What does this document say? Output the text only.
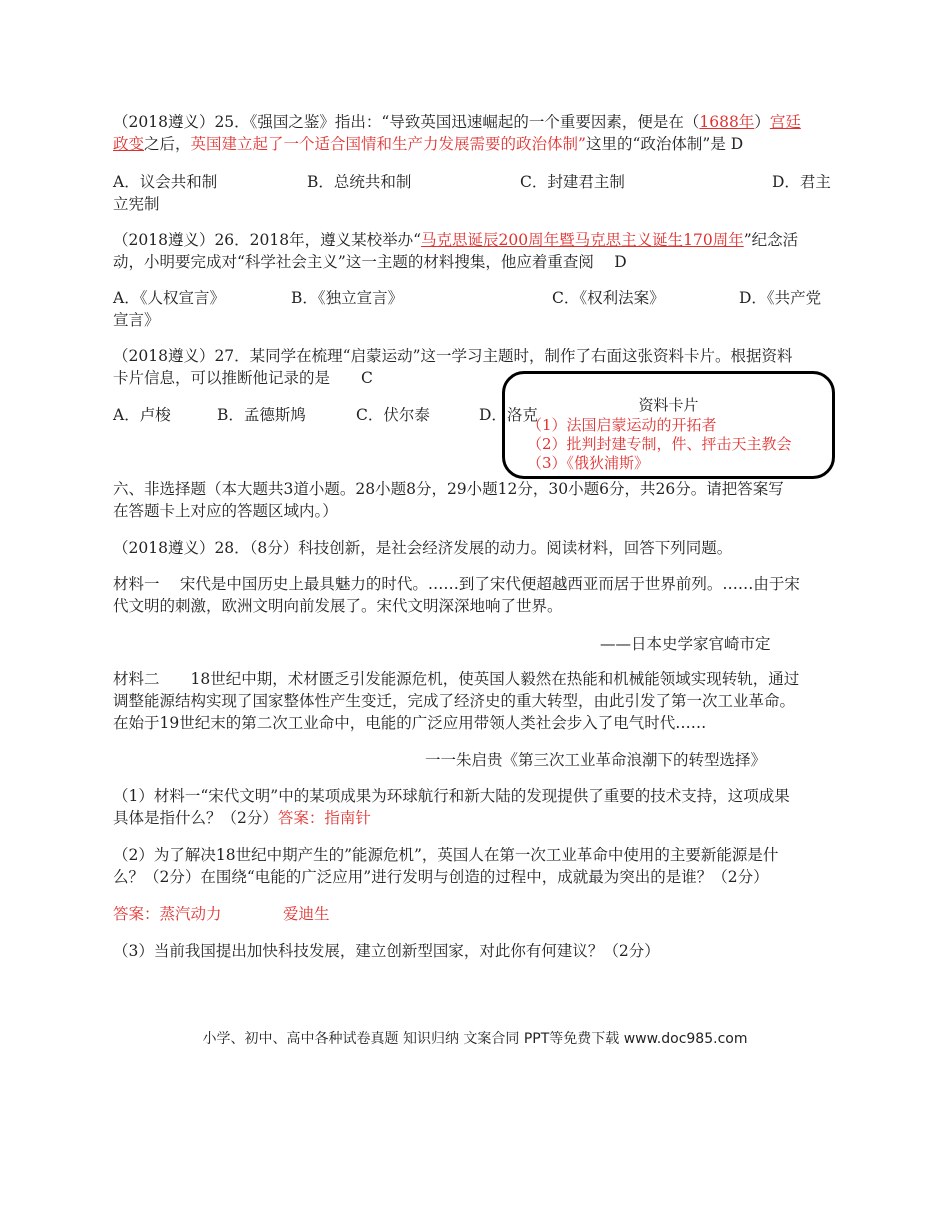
（2018遵义）25．《强国之鉴》指出：“导致英国迅速崛起的一个重要因素，便是在（1688年）宫廷
政变之后，英国建立起了一个适合国情和生产力发展需要的政治体制”这里的“政治体制”是 D
A．议会共和制	B．总统共和制	C．封建君主制	D．君主
立宪制
（2018遵义）26．2018年，遵义某校举办“马克思诞辰200周年暨马克思主义诞生170周年”纪念活
动，小明要完成对“科学社会主义”这一主题的材料搜集，他应着重查阅　 D
A．《人权宣言》	B．《独立宣言》	C．《权利法案》	D．《共产党
宣言》
（2018遵义）27．某同学在梳理“启蒙运动”这一学习主题时，制作了右面这张资料卡片。根据资料
卡片信息，可以推断他记录的是　　C
A．卢梭	B．孟德斯鸠	C．伏尔泰	D．洛克
资料卡片
（1）法国启蒙运动的开拓者
（2）批判封建专制，件、抨击天主教会
（3）《俄狄浦斯》
六、非选择题（本大题共3道小题。28小题8分，29小题12分，30小题6分，共26分。请把答案写
在答题卡上对应的答题区域内。）
（2018遵义）28．（8分）科技创新，是社会经济发展的动力。阅读材料，回答下列同题。
材料一　 宋代是中国历史上最具魅力的时代。……到了宋代便超越西亚而居于世界前列。……由于宋
代文明的刺激，欧洲文明向前发展了。宋代文明深深地响了世界。
——日本史学家官崎市定
材料二　　18世纪中期，术材匮乏引发能源危机，使英国人毅然在热能和机械能领域实现转轨，通过
调整能源结构实现了国家整体性产生变迁，完成了经济史的重大转型，由此引发了第一次工业革命。
在始于19世纪末的第二次工业命中，电能的广泛应用带领人类社会步入了电气时代……
一一朱启贵《第三次工业革命浪潮下的转型选择》
（1）材料一“宋代文明”中的某项成果为环球航行和新大陆的发现提供了重要的技术支持，这项成果
具体是指什么？（2分）答案：指南针
（2）为了解决18世纪中期产生的”能源危机”，英国人在第一次工业革命中使用的主要新能源是什
么？（2分）在围绕“电能的广泛应用”进行发明与创造的过程中，成就最为突出的是谁？（2分）
答案：蒸汽动力	爱迪生
（3）当前我国提出加快科技发展，建立创新型国家，对此你有何建议？（2分）
小学、初中、高中各种试卷真题 知识归纳 文案合同 PPT等免费下载 www.doc985.com
